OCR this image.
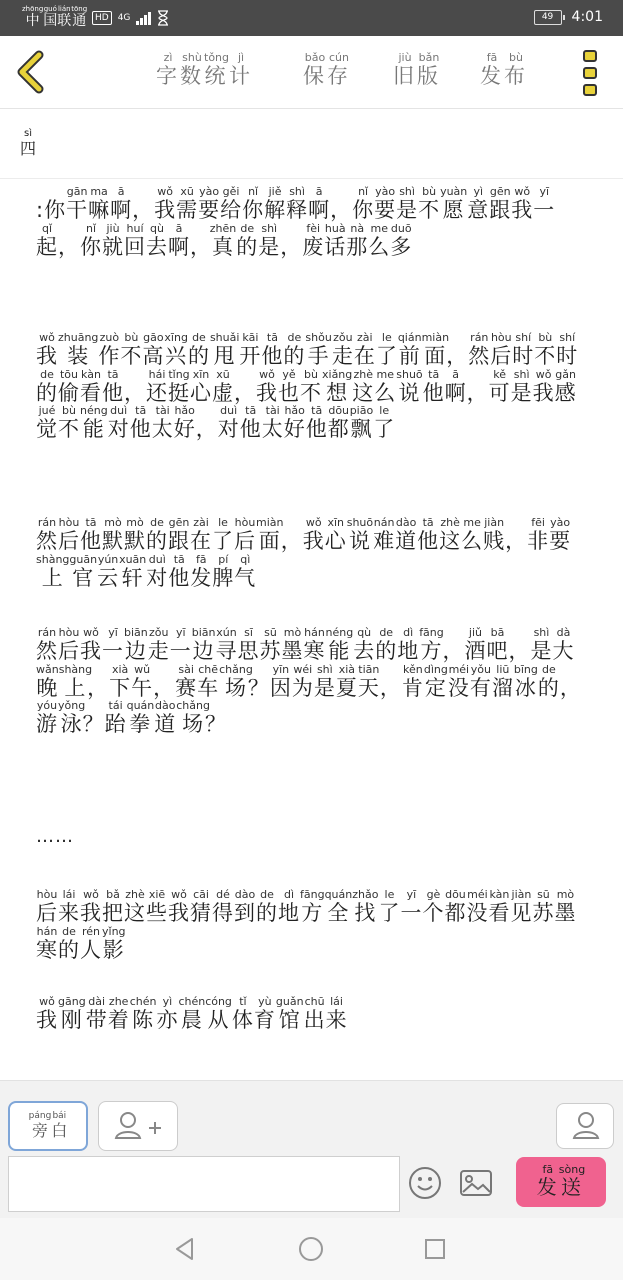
中zhōng国guó联lián通tōng
HD	4G	49	4:01
字zì数shù统tǒng计jì
保bǎo存cún
旧jiù版bǎn
发fā布bù
四sì

:你干gān嘛ma啊ā，我wǒ需xū要yào给gěi你nǐ解jiě释shì啊ā，你nǐ要yào是shì不bù愿yuàn意yì跟gēn我wǒ一yī起qǐ，你nǐ就jiù回huí去qù啊ā，真zhēn的de是shì，废fèi话huà那nà么me多duō

我wǒ装zhuāng作zuò不bù高gāo兴xīng的de甩shuǎi开kāi他tā的de手shǒu走zǒu在zài了le前qián面miàn，然rán后hòu时shí不bù时shí的de偷tōu看kàn他tā，还hái挺tǐng心xīn虚xū，我wǒ也yě不bù想xiǎng这zhè么me说shuō他tā啊ā，可kě是shì我wǒ感gǎn觉jué不bù能néng对duì他tā太tài好hǎo，对duì他tā太tài好hǎo他tā都dōu飘piāo了le

然rán后hòu他tā默mò默mò的de跟gēn在zài了le后hòu面miàn，我wǒ心xīn说shuō难nán道dào他tā这zhè么me贱jiàn，非fēi要yào上shàng官guān云yún轩xuān对duì他tā发fā脾pí气qì

然rán后hòu我wǒ一yī边biān走zǒu一yī边biān寻xún思sī苏sū墨mò寒hán能néng去qù的de地dì方fāng，酒jiǔ吧bā，是shì大dà晚wǎn上shàng，下xià午wǔ，赛sài车chē场chǎng？因yīn为wéi是shì夏xià天tiān，肯kěn定dìng没méi有yǒu溜liū冰bīng的de，游yóu泳yǒng？跆tái拳quán道dào场chǎng？

……

后hòu来lái我wǒ把bǎ这zhè些xiē我wǒ猜cāi得dé到dào的de地dì方fāng全quán找zhǎo了le一yī个gè都dōu没méi看kàn见jiàn苏sū墨mò寒hán的de人rén影yǐng

我wǒ刚gāng带dài着zhe陈chén亦yì晨chén从cóng体tǐ育yù馆guǎn出chū来lái

旁páng
白bái
发fā
送sòng
